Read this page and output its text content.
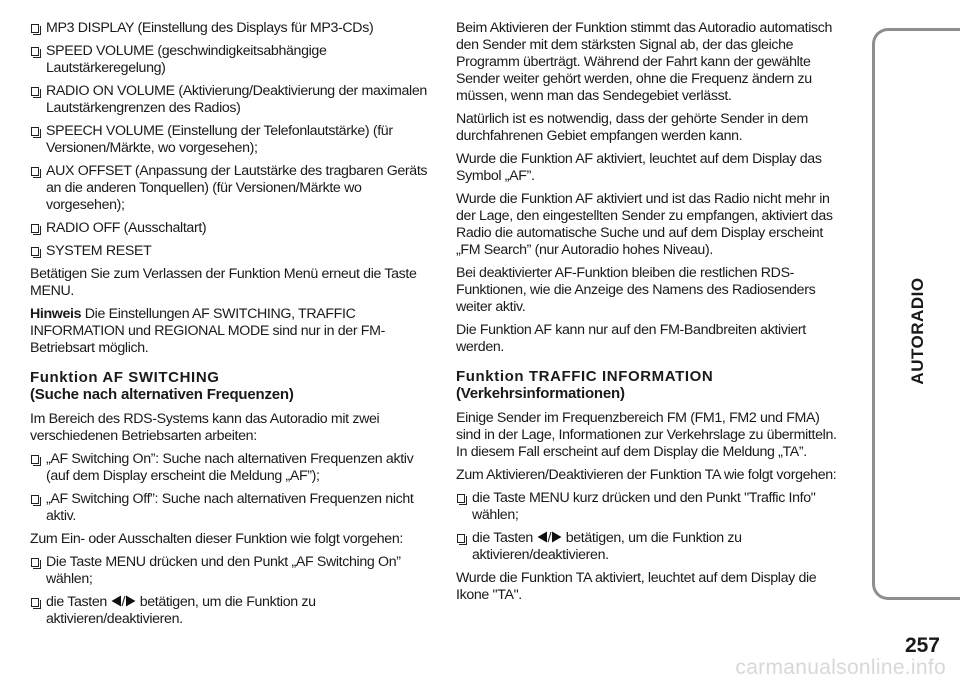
MP3 DISPLAY (Einstellung des Displays für MP3-CDs)
SPEED VOLUME (geschwindigkeitsabhängige Lautstärkeregelung)
RADIO ON VOLUME (Aktivierung/Deaktivierung der maximalen Lautstärkengrenzen des Radios)
SPEECH VOLUME (Einstellung der Telefonlautstärke) (für Versionen/Märkte, wo vorgesehen);
AUX OFFSET (Anpassung der Lautstärke des tragbaren Geräts an die anderen Tonquellen) (für Versionen/Märkte wo vorgesehen);
RADIO OFF (Ausschaltart)
SYSTEM RESET

Betätigen Sie zum Verlassen der Funktion Menü erneut die Taste MENU.

Hinweis Die Einstellungen AF SWITCHING, TRAFFIC INFORMATION und REGIONAL MODE sind nur in der FM-Betriebsart möglich.

Funktion AF SWITCHING
(Suche nach alternativen Frequenzen)

Im Bereich des RDS-Systems kann das Autoradio mit zwei verschiedenen Betriebsarten arbeiten:

„AF Switching On”: Suche nach alternativen Frequenzen aktiv (auf dem Display erscheint die Meldung „AF”);
„AF Switching Off”: Suche nach alternativen Frequenzen nicht aktiv.

Zum Ein- oder Ausschalten dieser Funktion wie folgt vorgehen:

Die Taste MENU drücken und den Punkt „AF Switching On” wählen;
die Tasten / betätigen, um die Funktion zu aktivieren/deaktivieren.

Beim Aktivieren der Funktion stimmt das Autoradio automatisch den Sender mit dem stärksten Signal ab, der das gleiche Programm überträgt. Während der Fahrt kann der gewählte Sender weiter gehört werden, ohne die Frequenz ändern zu müssen, wenn man das Sendegebiet verlässt.

Natürlich ist es notwendig, dass der gehörte Sender in dem durchfahrenen Gebiet empfangen werden kann.

Wurde die Funktion AF aktiviert, leuchtet auf dem Display das Symbol „AF”.

Wurde die Funktion AF aktiviert und ist das Radio nicht mehr in der Lage, den eingestellten Sender zu empfangen, aktiviert das Radio die automatische Suche und auf dem Display erscheint „FM Search” (nur Autoradio hohes Niveau).

Bei deaktivierter AF-Funktion bleiben die restlichen RDS-Funktionen, wie die Anzeige des Namens des Radiosenders weiter aktiv.

Die Funktion AF kann nur auf den FM-Bandbreiten aktiviert werden.

Funktion TRAFFIC INFORMATION
(Verkehrsinformationen)

Einige Sender im Frequenzbereich FM (FM1, FM2 und FMA) sind in der Lage, Informationen zur Verkehrslage zu übermitteln. In diesem Fall erscheint auf dem Display die Meldung „TA”.

Zum Aktivieren/Deaktivieren der Funktion TA wie folgt vorgehen:

die Taste MENU kurz drücken und den Punkt "Traffic Info" wählen;
die Tasten / betätigen, um die Funktion zu aktivieren/deaktivieren.

Wurde die Funktion TA aktiviert, leuchtet auf dem Display die Ikone "TA".

AUTORADIO
257
carmanualsonline.info
